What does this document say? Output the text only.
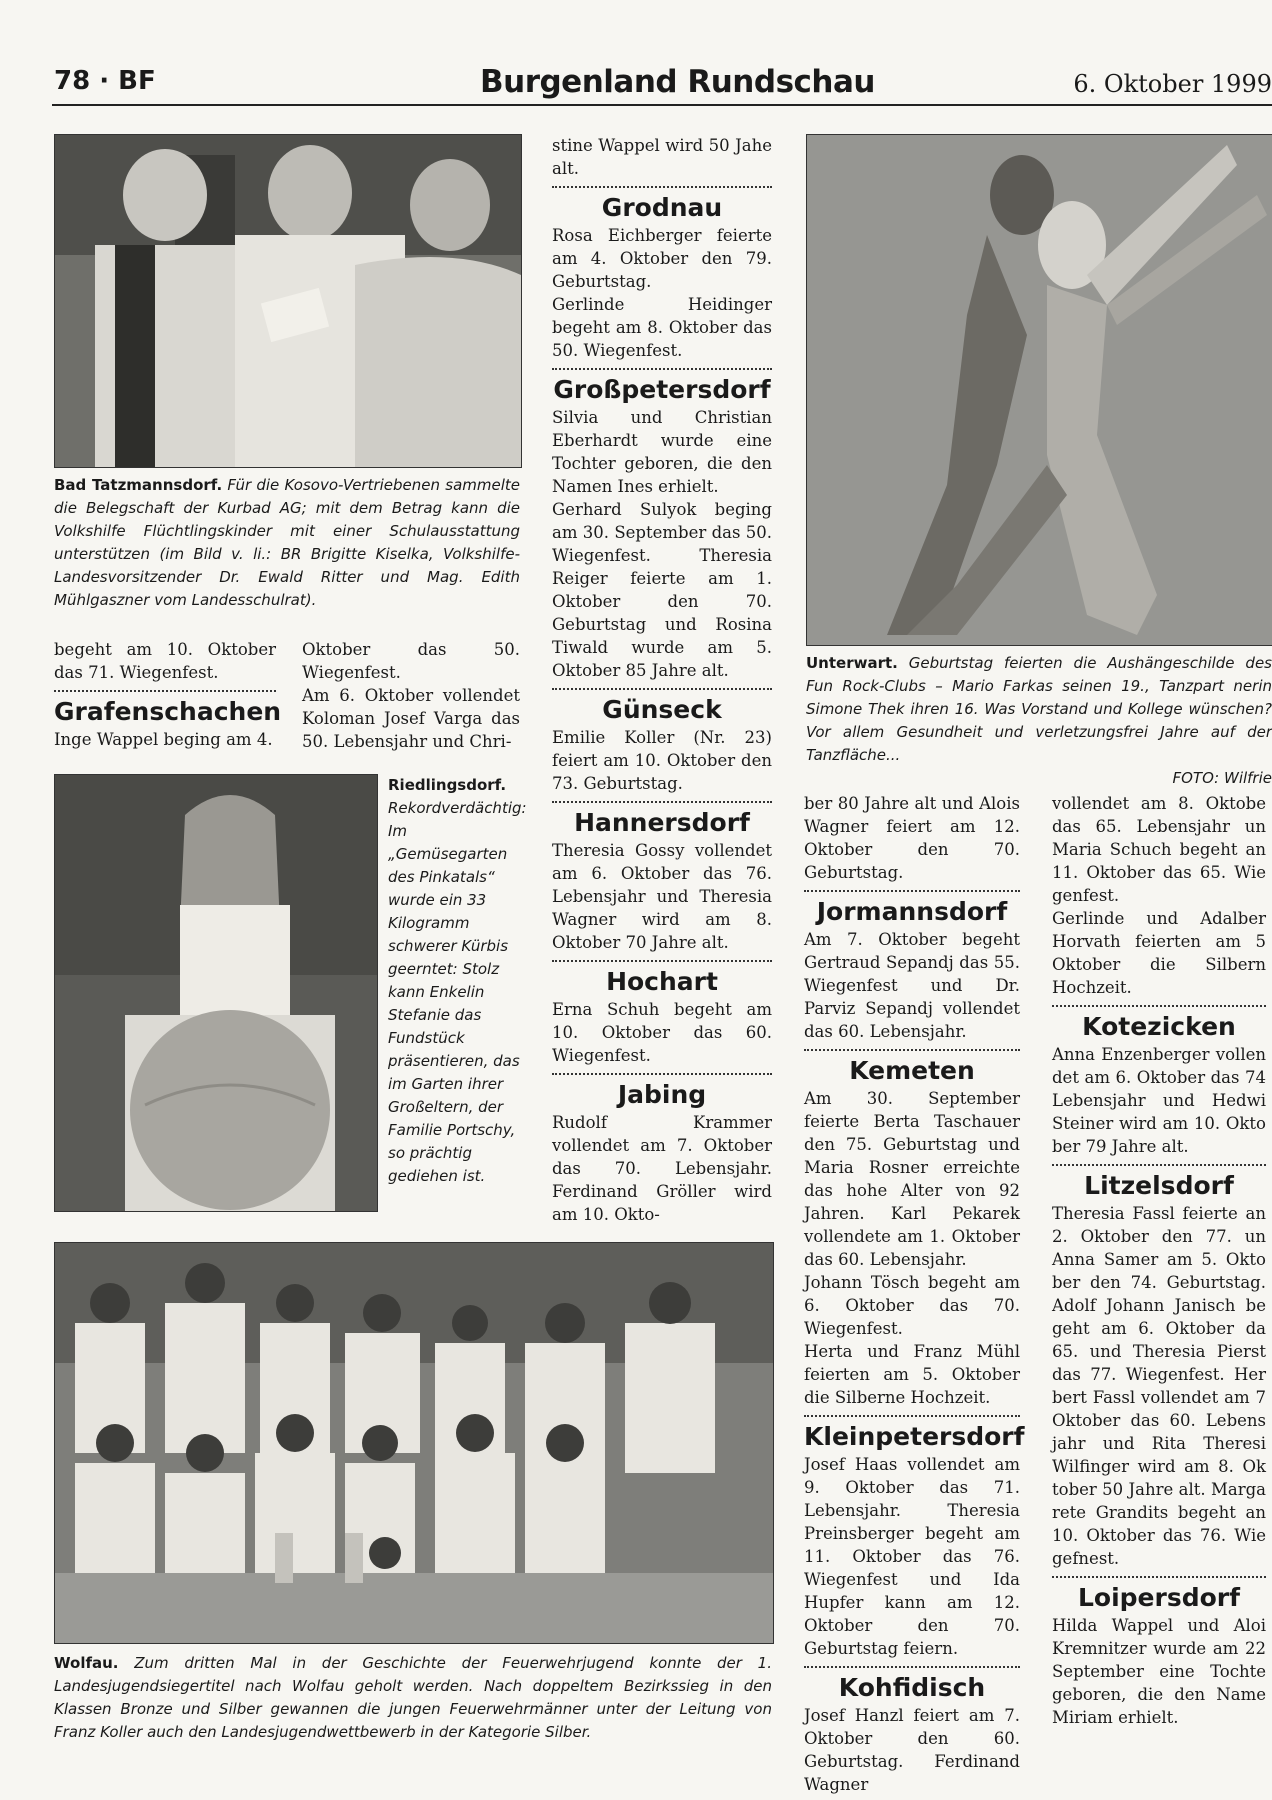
78 · BF	Burgenland Rundschau	6. Oktober 1999
Bad Tatzmannsdorf. Für die Kosovo-Vertriebenen sammelte die Belegschaft der Kurbad AG; mit dem Betrag kann die Volkshilfe Flüchtlingskinder mit einer Schulausstattung unterstützen (im Bild v. li.: BR Brigitte Kiselka, Volkshilfe-Landesvorsitzender Dr. Ewald Ritter und Mag. Edith Mühlgaszner vom Landesschulrat).

begeht am 10. Oktober das 71. Wiegenfest.

Grafenschachen

Inge Wappel beging am 4.

Oktober das 50. Wiegenfest.

Am 6. Oktober vollendet Koloman Josef Varga das 50. Lebensjahr und Chri-

Riedlingsdorf. Rekordverdächtig: Im „Gemüsegarten des Pinkatals“ wurde ein 33 Kilogramm schwerer Kürbis geerntet: Stolz kann Enkelin Stefanie das Fundstück präsentieren, das im Garten ihrer Großeltern, der Familie Portschy, so prächtig gediehen ist.

stine Wappel wird 50 Jahe alt.

Grodnau

Rosa Eichberger feierte am 4. Oktober den 79. Geburtstag.

Gerlinde Heidinger begeht am 8. Oktober das 50. Wiegenfest.

Großpetersdorf

Silvia und Christian Eberhardt wurde eine Tochter geboren, die den Namen Ines erhielt.

Gerhard Sulyok beging am 30. September das 50. Wiegenfest. Theresia Reiger feierte am 1. Oktober den 70. Geburtstag und Rosina Tiwald wurde am 5. Oktober 85 Jahre alt.

Günseck

Emilie Koller (Nr. 23) feiert am 10. Oktober den 73. Geburtstag.

Hannersdorf

Theresia Gossy vollendet am 6. Oktober das 76. Lebensjahr und Theresia Wagner wird am 8. Oktober 70 Jahre alt.

Hochart

Erna Schuh begeht am 10. Oktober das 60. Wiegenfest.

Jabing

Rudolf Krammer vollendet am 7. Oktober das 70. Lebensjahr. Ferdinand Gröller wird am 10. Okto-

Unterwart. Geburtstag feierten die Aushängeschilde des Fun Rock-Clubs – Mario Farkas seinen 19., Tanzpart nerin Simone Thek ihren 16. Was Vorstand und Kollege wünschen? Vor allem Gesundheit und verletzungsfrei Jahre auf der Tanzfläche...
FOTO: Wilfrie

ber 80 Jahre alt und Alois Wagner feiert am 12. Oktober den 70. Geburtstag.

Jormannsdorf

Am 7. Oktober begeht Gertraud Sepandj das 55. Wiegenfest und Dr. Parviz Sepandj vollendet das 60. Lebensjahr.

Kemeten

Am 30. September feierte Berta Taschauer den 75. Geburtstag und Maria Rosner erreichte das hohe Alter von 92 Jahren. Karl Pekarek vollendete am 1. Oktober das 60. Lebensjahr.

Johann Tösch begeht am 6. Oktober das 70. Wiegenfest.

Herta und Franz Mühl feierten am 5. Oktober die Silberne Hochzeit.

Kleinpetersdorf

Josef Haas vollendet am 9. Oktober das 71. Lebensjahr. Theresia Preinsberger begeht am 11. Oktober das 76. Wiegenfest und Ida Hupfer kann am 12. Oktober den 70. Geburtstag feiern.

Kohfidisch

Josef Hanzl feiert am 7. Oktober den 60. Geburtstag. Ferdinand Wagner

vollendet am 8. Oktobe das 65. Lebensjahr un Maria Schuch begeht an 11. Oktober das 65. Wie genfest.

Gerlinde und Adalber Horvath feierten am 5 Oktober die Silbern Hochzeit.

Kotezicken

Anna Enzenberger vollen det am 6. Oktober das 74 Lebensjahr und Hedwi Steiner wird am 10. Okto ber 79 Jahre alt.

Litzelsdorf

Theresia Fassl feierte an 2. Oktober den 77. un Anna Samer am 5. Okto ber den 74. Geburtstag. Adolf Johann Janisch be geht am 6. Oktober da 65. und Theresia Pierst das 77. Wiegenfest. Her bert Fassl vollendet am 7 Oktober das 60. Lebens jahr und Rita Theresi Wilfinger wird am 8. Ok tober 50 Jahre alt. Marga rete Grandits begeht an 10. Oktober das 76. Wie gefnest.

Loipersdorf

Hilda Wappel und Aloi Kremnitzer wurde am 22 September eine Tochte geboren, die den Name Miriam erhielt.

Wolfau. Zum dritten Mal in der Geschichte der Feuerwehrjugend konnte der 1. Landesjugendsiegertitel nach Wolfau geholt werden. Nach doppeltem Bezirkssieg in den Klassen Bronze und Silber gewannen die jungen Feuerwehrmänner unter der Leitung von Franz Koller auch den Landesjugendwettbewerb in der Kategorie Silber.
